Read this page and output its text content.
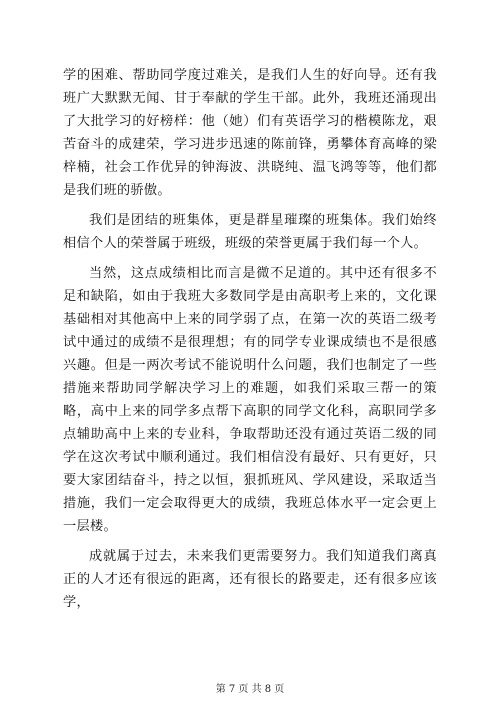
学的困难、帮助同学度过难关，是我们人生的好向导。还有我班广大默默无闻、甘于奉献的学生干部。此外，我班还涌现出了大批学习的好榜样：他（她）们有英语学习的楷模陈龙，艰苦奋斗的成建荣，学习进步迅速的陈前锋，勇攀体育高峰的梁梓楠，社会工作优异的钟海波、洪晓纯、温飞鸿等等，他们都是我们班的骄傲。

我们是团结的班集体，更是群星璀璨的班集体。我们始终相信个人的荣誉属于班级，班级的荣誉更属于我们每一个人。

当然，这点成绩相比而言是微不足道的。其中还有很多不足和缺陷，如由于我班大多数同学是由高职考上来的，文化课基础相对其他高中上来的同学弱了点，在第一次的英语二级考试中通过的成绩不是很理想；有的同学专业课成绩也不是很感兴趣。但是一两次考试不能说明什么问题，我们也制定了一些措施来帮助同学解决学习上的难题，如我们采取三帮一的策略，高中上来的同学多点帮下高职的同学文化科，高职同学多点辅助高中上来的专业科，争取帮助还没有通过英语二级的同学在这次考试中顺利通过。我们相信没有最好、只有更好，只要大家团结奋斗，持之以恒，狠抓班风、学风建设，采取适当措施，我们一定会取得更大的成绩，我班总体水平一定会更上一层楼。

成就属于过去，未来我们更需要努力。我们知道我们离真正的人才还有很远的距离，还有很长的路要走，还有很多应该学，

第 7 页 共 8 页
